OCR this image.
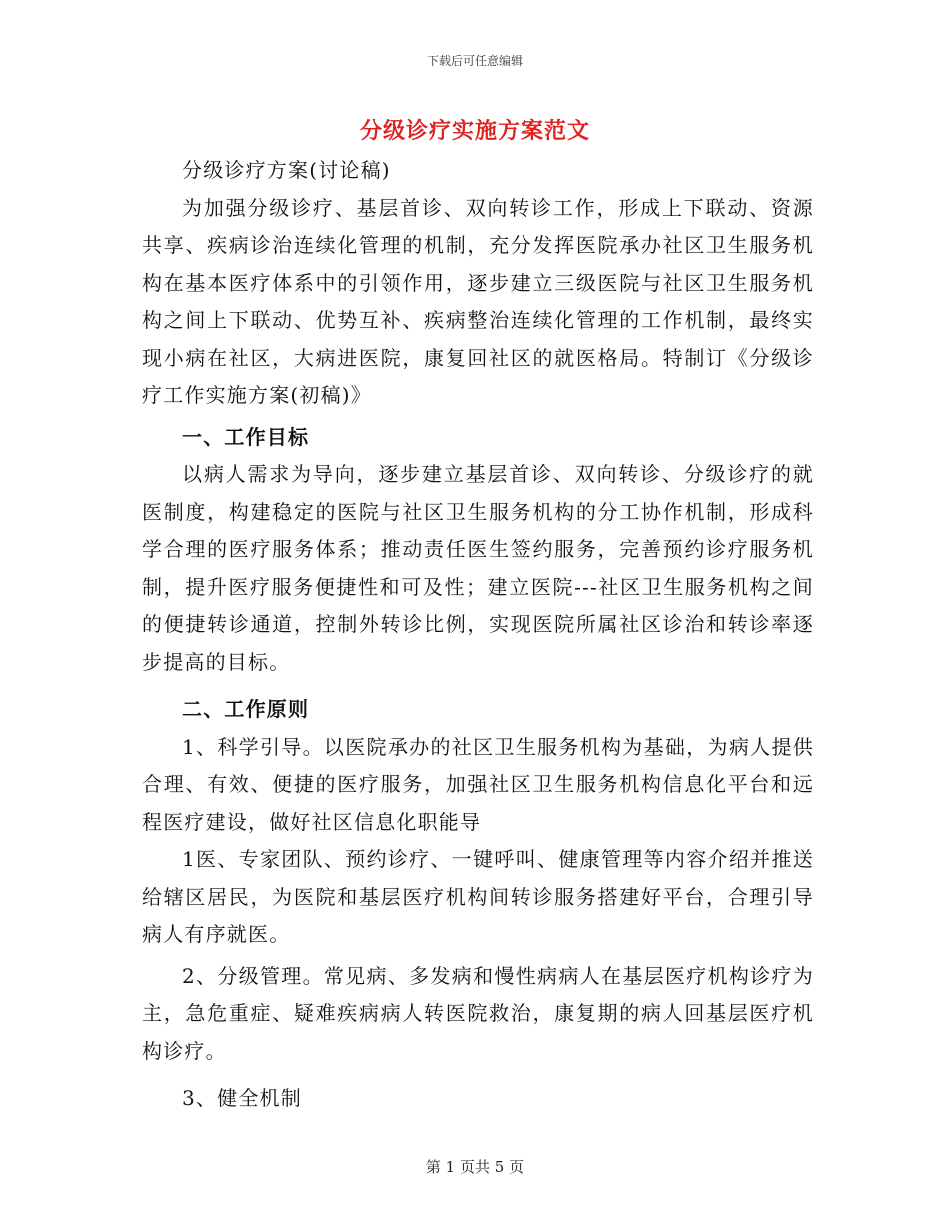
下载后可任意编辑
分级诊疗实施方案范文

分级诊疗方案(讨论稿)

为加强分级诊疗、基层首诊、双向转诊工作，形成上下联动、资源共享、疾病诊治连续化管理的机制，充分发挥医院承办社区卫生服务机构在基本医疗体系中的引领作用，逐步建立三级医院与社区卫生服务机构之间上下联动、优势互补、疾病整治连续化管理的工作机制，最终实现小病在社区，大病进医院，康复回社区的就医格局。特制订《分级诊疗工作实施方案(初稿)》

一、工作目标

以病人需求为导向，逐步建立基层首诊、双向转诊、分级诊疗的就医制度，构建稳定的医院与社区卫生服务机构的分工协作机制，形成科学合理的医疗服务体系；推动责任医生签约服务，完善预约诊疗服务机制，提升医疗服务便捷性和可及性；建立医院---社区卫生服务机构之间的便捷转诊通道，控制外转诊比例，实现医院所属社区诊治和转诊率逐步提高的目标。

二、工作原则

1、科学引导。以医院承办的社区卫生服务机构为基础，为病人提供合理、有效、便捷的医疗服务，加强社区卫生服务机构信息化平台和远程医疗建设，做好社区信息化职能导

1医、专家团队、预约诊疗、一键呼叫、健康管理等内容介绍并推送给辖区居民，为医院和基层医疗机构间转诊服务搭建好平台，合理引导病人有序就医。

2、分级管理。常见病、多发病和慢性病病人在基层医疗机构诊疗为主，急危重症、疑难疾病病人转医院救治，康复期的病人回基层医疗机构诊疗。

3、健全机制

第 1 页共 5 页
